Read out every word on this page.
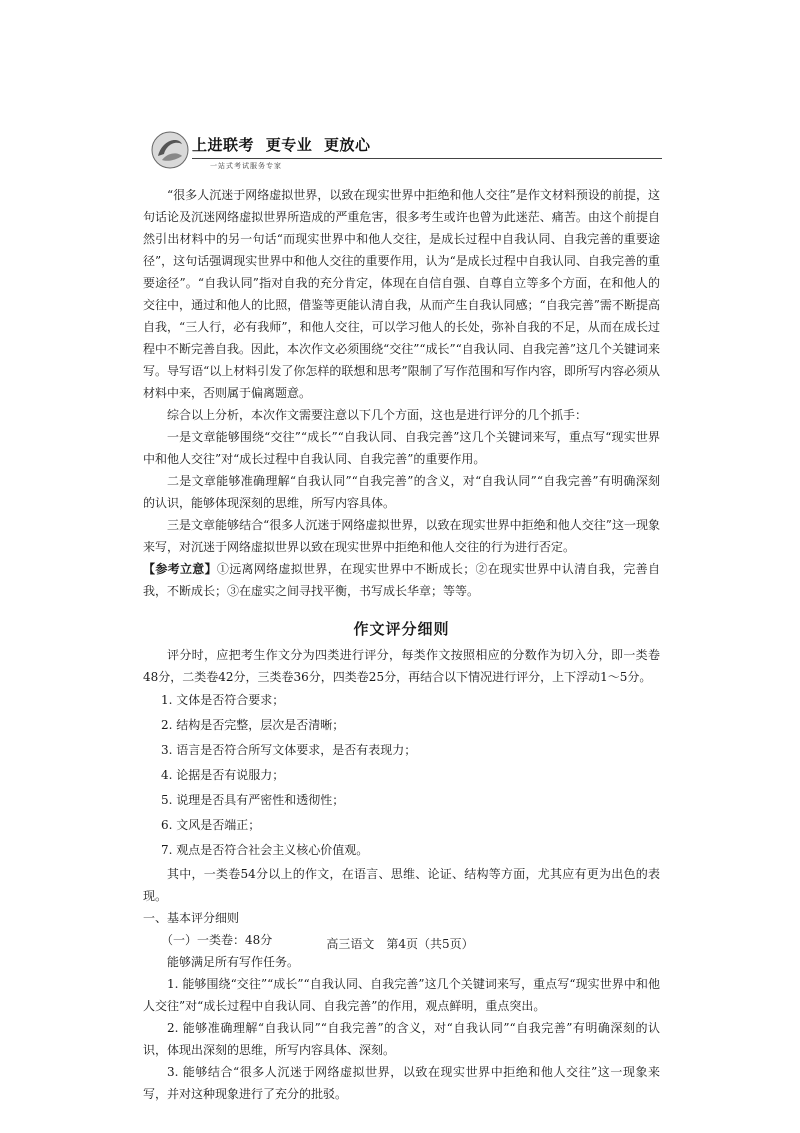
上进联考 更专业 更放心
一站式考试服务专家

“很多人沉迷于网络虚拟世界，以致在现实世界中拒绝和他人交往”是作文材料预设的前提，这句话论及沉迷网络虚拟世界所造成的严重危害，很多考生或许也曾为此迷茫、痛苦。由这个前提自然引出材料中的另一句话“而现实世界中和他人交往，是成长过程中自我认同、自我完善的重要途径”，这句话强调现实世界中和他人交往的重要作用，认为“是成长过程中自我认同、自我完善的重要途径”。“自我认同”指对自我的充分肯定，体现在自信自强、自尊自立等多个方面，在和他人的交往中，通过和他人的比照，借鉴等更能认清自我，从而产生自我认同感；“自我完善”需不断提高自我，“三人行，必有我师”，和他人交往，可以学习他人的长处，弥补自我的不足，从而在成长过程中不断完善自我。因此，本次作文必须围绕“交往”“成长”“自我认同、自我完善”这几个关键词来写。导写语“以上材料引发了你怎样的联想和思考”限制了写作范围和写作内容，即所写内容必须从材料中来，否则属于偏离题意。

综合以上分析，本次作文需要注意以下几个方面，这也是进行评分的几个抓手：

一是文章能够围绕“交往”“成长”“自我认同、自我完善”这几个关键词来写，重点写“现实世界中和他人交往”对“成长过程中自我认同、自我完善”的重要作用。

二是文章能够准确理解“自我认同”“自我完善”的含义，对“自我认同”“自我完善”有明确深刻的认识，能够体现深刻的思维，所写内容具体。

三是文章能够结合“很多人沉迷于网络虚拟世界，以致在现实世界中拒绝和他人交往”这一现象来写，对沉迷于网络虚拟世界以致在现实世界中拒绝和他人交往的行为进行否定。

【参考立意】①远离网络虚拟世界，在现实世界中不断成长；②在现实世界中认清自我，完善自我，不断成长；③在虚实之间寻找平衡，书写成长华章；等等。

作文评分细则

评分时，应把考生作文分为四类进行评分，每类作文按照相应的分数作为切入分，即一类卷48分，二类卷42分，三类卷36分，四类卷25分，再结合以下情况进行评分，上下浮动1～5分。

1. 文体是否符合要求；

2. 结构是否完整，层次是否清晰；

3. 语言是否符合所写文体要求，是否有表现力；

4. 论据是否有说服力；

5. 说理是否具有严密性和透彻性；

6. 文风是否端正；

7. 观点是否符合社会主义核心价值观。

其中，一类卷54分以上的作文，在语言、思维、论证、结构等方面，尤其应有更为出色的表现。

一、基本评分细则

（一）一类卷：48分

能够满足所有写作任务。

1. 能够围绕“交往”“成长”“自我认同、自我完善”这几个关键词来写，重点写“现实世界中和他人交往”对“成长过程中自我认同、自我完善”的作用，观点鲜明，重点突出。

2. 能够准确理解“自我认同”“自我完善”的含义，对“自我认同”“自我完善”有明确深刻的认识，体现出深刻的思维，所写内容具体、深刻。

3. 能够结合“很多人沉迷于网络虚拟世界，以致在现实世界中拒绝和他人交往”这一现象来写，并对这种现象进行了充分的批驳。

高三语文　第4页（共5页）
